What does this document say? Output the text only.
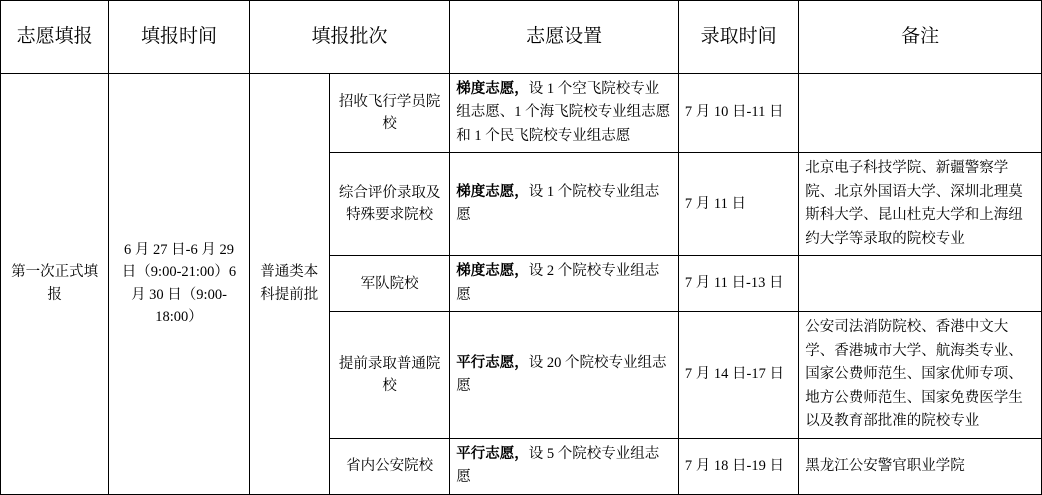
志愿填报	填报时间	填报批次		志愿设置	录取时间	备注
第一次正式填报	6 月 27 日-6 月 29 日（9:00-21:00）6 月 30 日（9:00-18:00）	普通类本科提前批	招收飞行学员院校	梯度志愿，设 1 个空飞院校专业组志愿、1 个海飞院校专业组志愿和 1 个民飞院校专业组志愿	7 月 10 日-11 日	
			综合评价录取及特殊要求院校	梯度志愿，设 1 个院校专业组志愿	7 月 11 日	北京电子科技学院、新疆警察学院、北京外国语大学、深圳北理莫斯科大学、昆山杜克大学和上海纽约大学等录取的院校专业
			军队院校	梯度志愿，设 2 个院校专业组志愿	7 月 11 日-13 日	
			提前录取普通院校	平行志愿，设 20 个院校专业组志愿	7 月 14 日-17 日	公安司法消防院校、香港中文大学、香港城市大学、航海类专业、国家公费师范生、国家优师专项、地方公费师范生、国家免费医学生以及教育部批准的院校专业
			省内公安院校	平行志愿，设 5 个院校专业组志愿	7 月 18 日-19 日	黑龙江公安警官职业学院
